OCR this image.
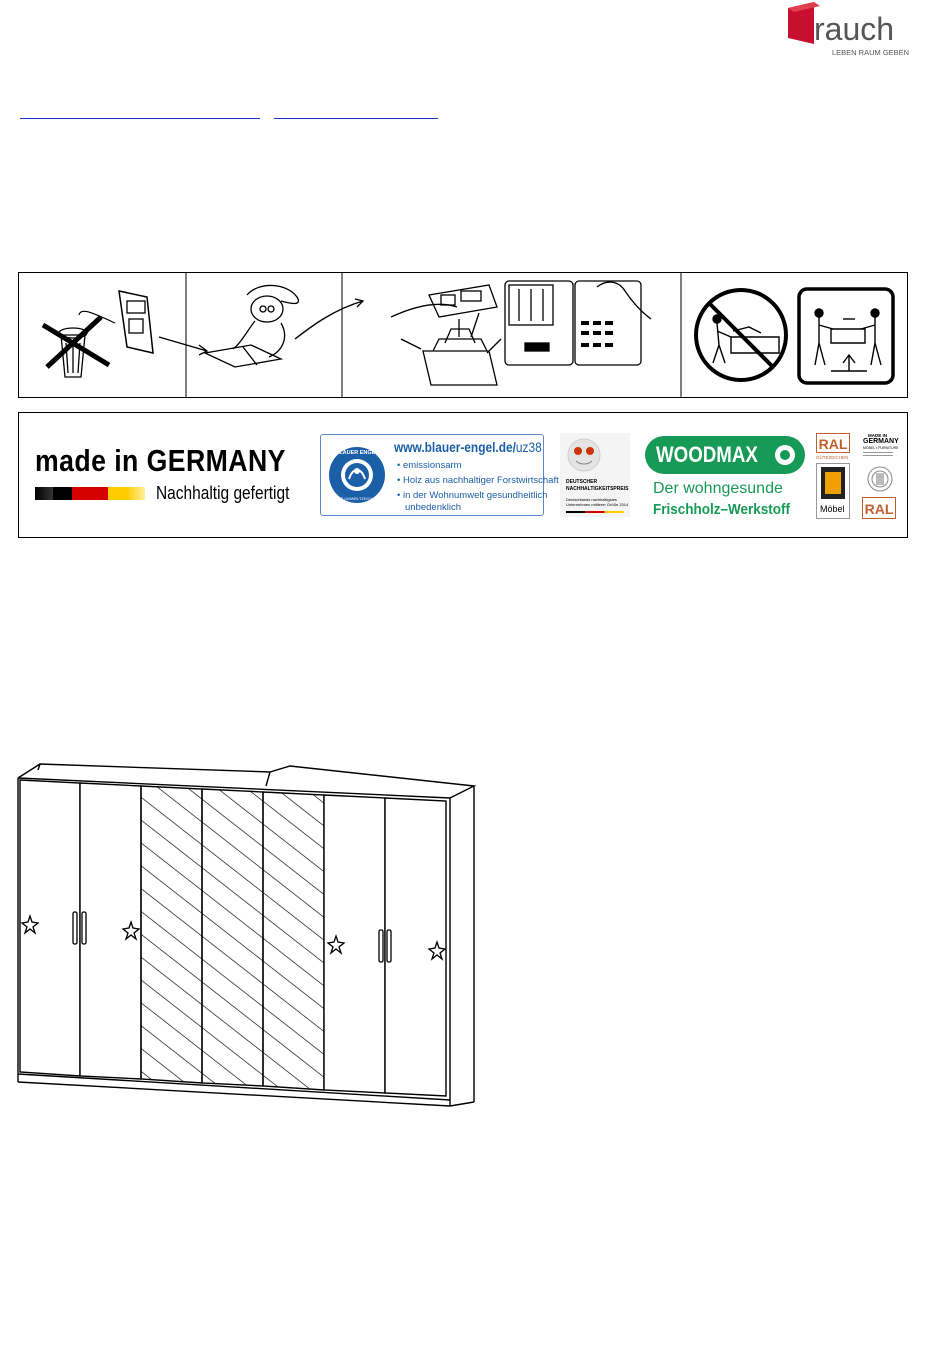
rauch
LEBEN RAUM GEBEN
made in GERMANY
Nachhaltig gefertigt
BLAUER ENGEL
DAS UMWELTZEICHEN
www.blauer-engel.de/uz38
• emissionsarm
• Holz aus nachhaltiger Forstwirtschaft
• in der Wohnumwelt gesundheitlich
unbedenklich
DEUTSCHER
NACHHALTIGKEITSPREIS
Deutschlands nachhaltigstes
Unternehmen mittlerer Größe 2014
WOODMAX
Der wohngesunde
Frischholz–Werkstoff
RAL
GÜTEZEICHEN
Möbel
MADE IN
GERMANY
MÖBEL • FURNITURE
RAL
